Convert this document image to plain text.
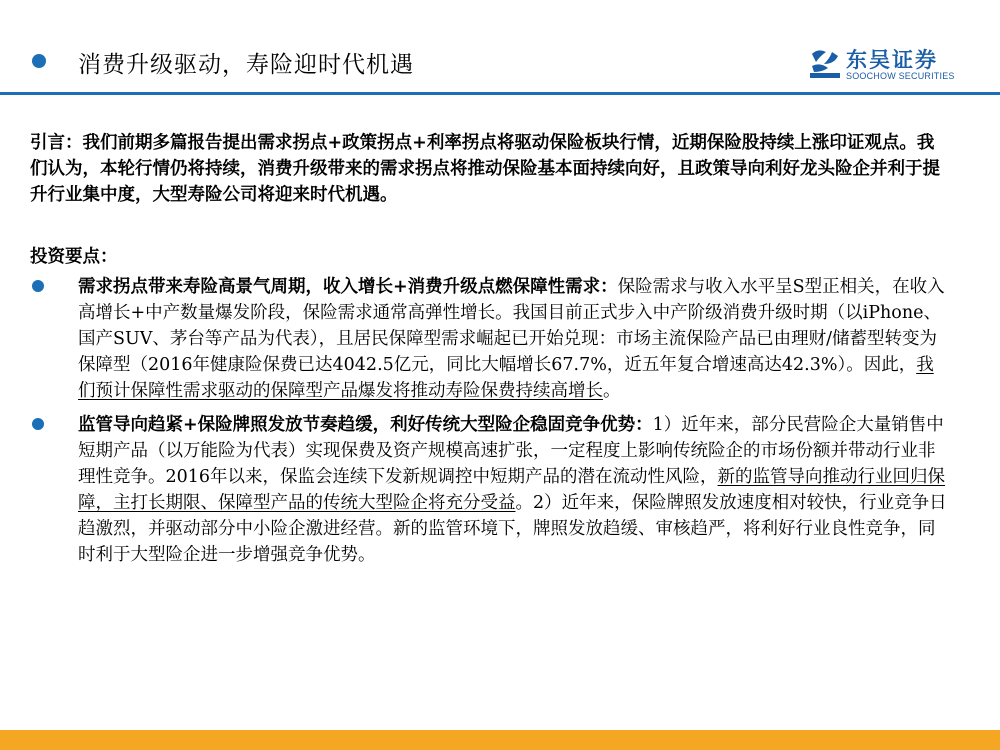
消费升级驱动，寿险迎时代机遇	东吴证券
SOOCHOW SECURITIES

引言：我们前期多篇报告提出需求拐点+政策拐点+利率拐点将驱动保险板块行情，近期保险股持续上涨印证观点。我们认为，本轮行情仍将持续，消费升级带来的需求拐点将推动保险基本面持续向好，且政策导向利好龙头险企并利于提升行业集中度，大型寿险公司将迎来时代机遇。

投资要点：
需求拐点带来寿险高景气周期，收入增长+消费升级点燃保障性需求：保险需求与收入水平呈S型正相关，在收入高增长+中产数量爆发阶段，保险需求通常高弹性增长。我国目前正式步入中产阶级消费升级时期（以iPhone、国产SUV、茅台等产品为代表），且居民保障型需求崛起已开始兑现：市场主流保险产品已由理财/储蓄型转变为保障型（2016年健康险保费已达4042.5亿元，同比大幅增长67.7%，近五年复合增速高达42.3%）。因此，我们预计保障性需求驱动的保障型产品爆发将推动寿险保费持续高增长。
监管导向趋紧+保险牌照发放节奏趋缓，利好传统大型险企稳固竞争优势：1）近年来，部分民营险企大量销售中短期产品（以万能险为代表）实现保费及资产规模高速扩张，一定程度上影响传统险企的市场份额并带动行业非理性竞争。2016年以来，保监会连续下发新规调控中短期产品的潜在流动性风险，新的监管导向推动行业回归保障，主打长期限、保障型产品的传统大型险企将充分受益。2）近年来，保险牌照发放速度相对较快，行业竞争日趋激烈，并驱动部分中小险企激进经营。新的监管环境下，牌照发放趋缓、审核趋严，将利好行业良性竞争，同时利于大型险企进一步增强竞争优势。
